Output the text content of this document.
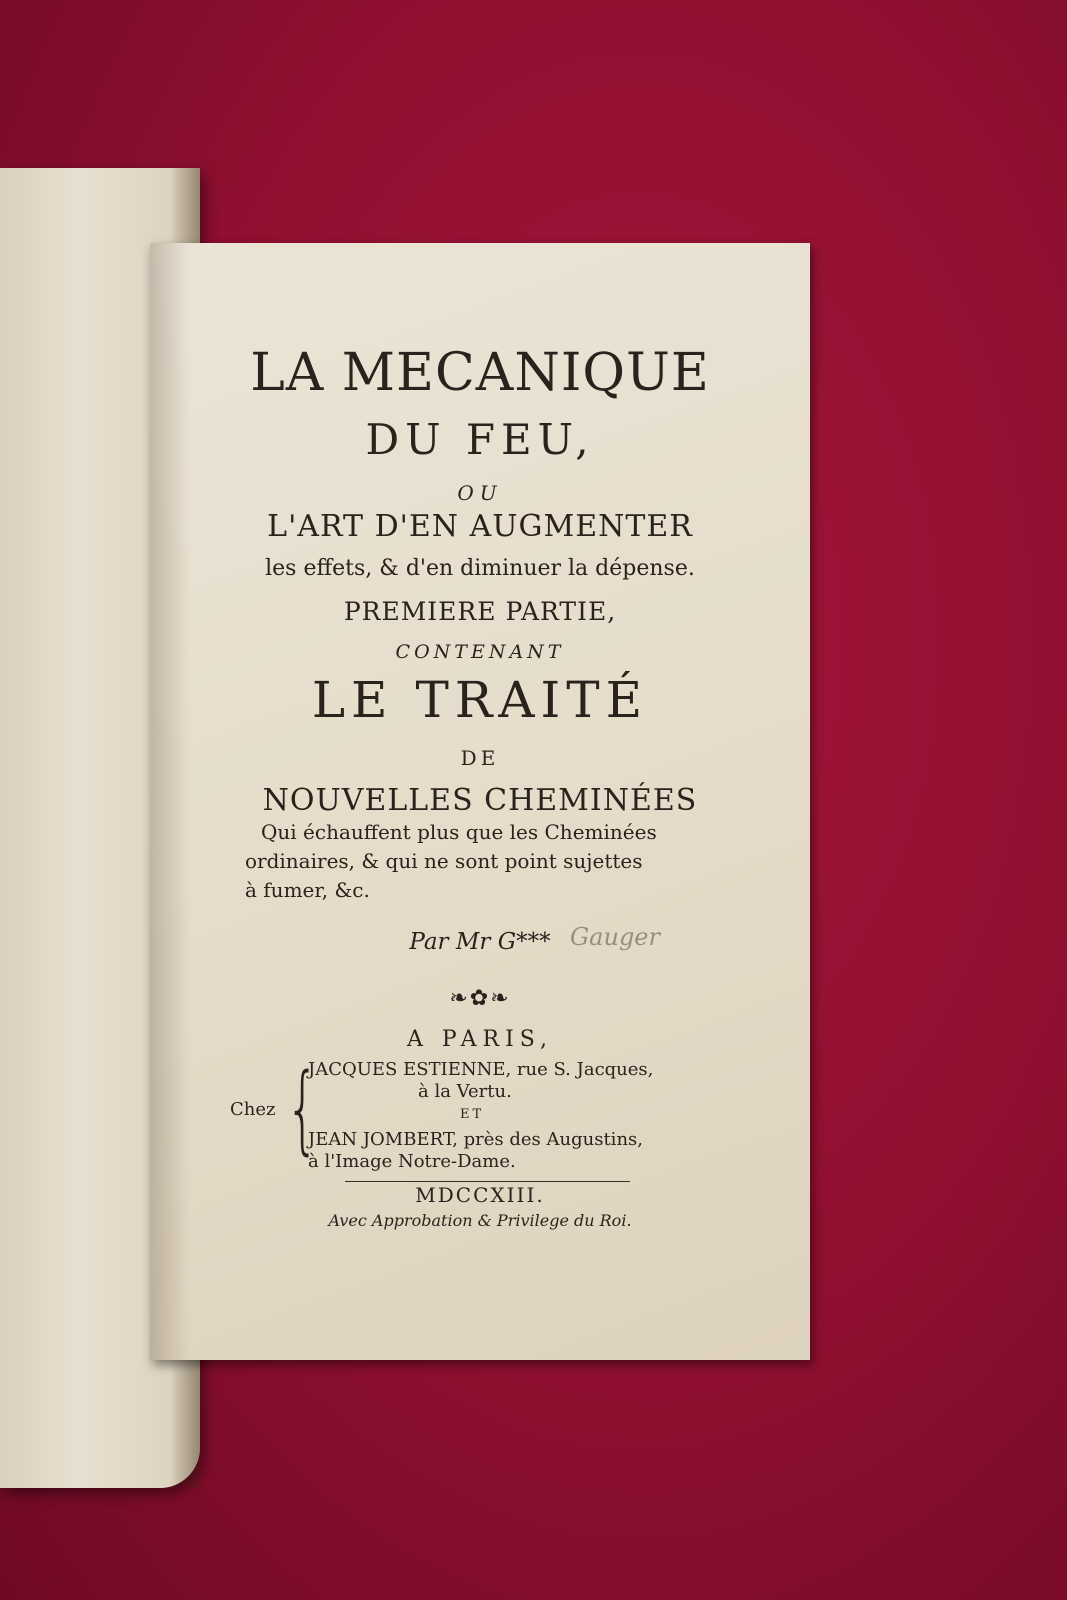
LA MECANIQUE
DU FEU,
OU
L'ART D'EN AUGMENTER
les effets, & d'en diminuer la dépense.
PREMIERE PARTIE,
CONTENANT
LE TRAITÉ
DE
NOUVELLES CHEMINÉES

Qui échauffent plus que les Cheminées

ordinaires, & qui ne sont point sujettes

à fumer, &c.

Par Mr G*** Gauger
❧✿❧
A PARIS,
Chez {
JACQUES ESTIENNE, rue S. Jacques,
à la Vertu.
ET
JEAN JOMBERT, près des Augustins,
à l'Image Notre-Dame.
MDCCXIII.
Avec Approbation & Privilege du Roi.
